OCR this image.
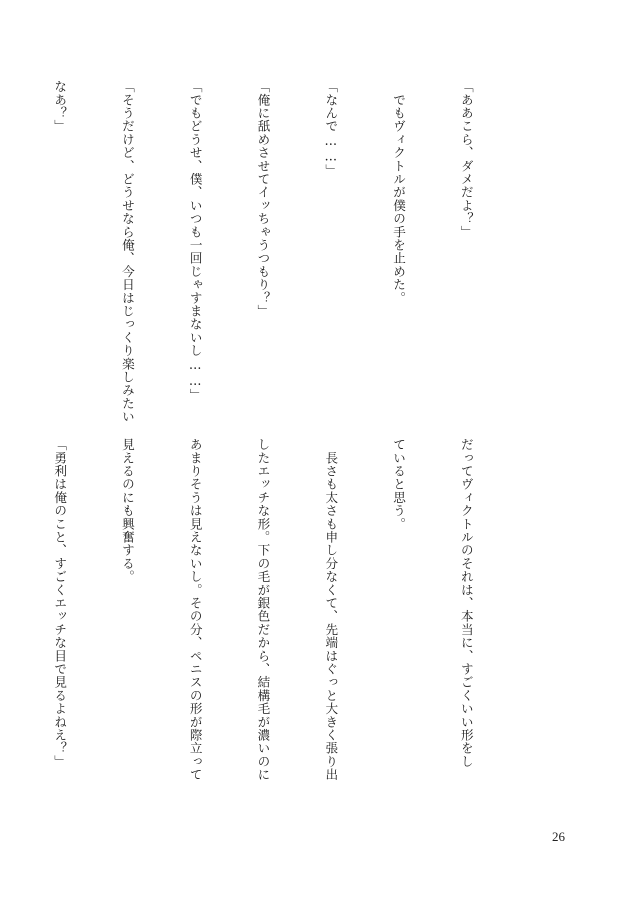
「ああこら、ダメだよ？」

　でもヴィクトルが僕の手を止めた。

「なんで……」

「俺に舐めさせてイッちゃうつもり？」

「でもどうせ、僕、いつも一回じゃすまないし……」

「そうだけど、どうせなら俺、今日はじっくり楽しみたい

なあ？」

だってヴィクトルのそれは、本当に、すごくいい形をし

ていると思う。

　長さも太さも申し分なくて、先端はぐっと大きく張り出

したエッチな形。下の毛が銀色だから、結構毛が濃いのに

あまりそうは見えないし。その分、ペニスの形が際立って

見えるのにも興奮する。

「勇利は俺のこと、すごくエッチな目で見るよねえ？」

26
